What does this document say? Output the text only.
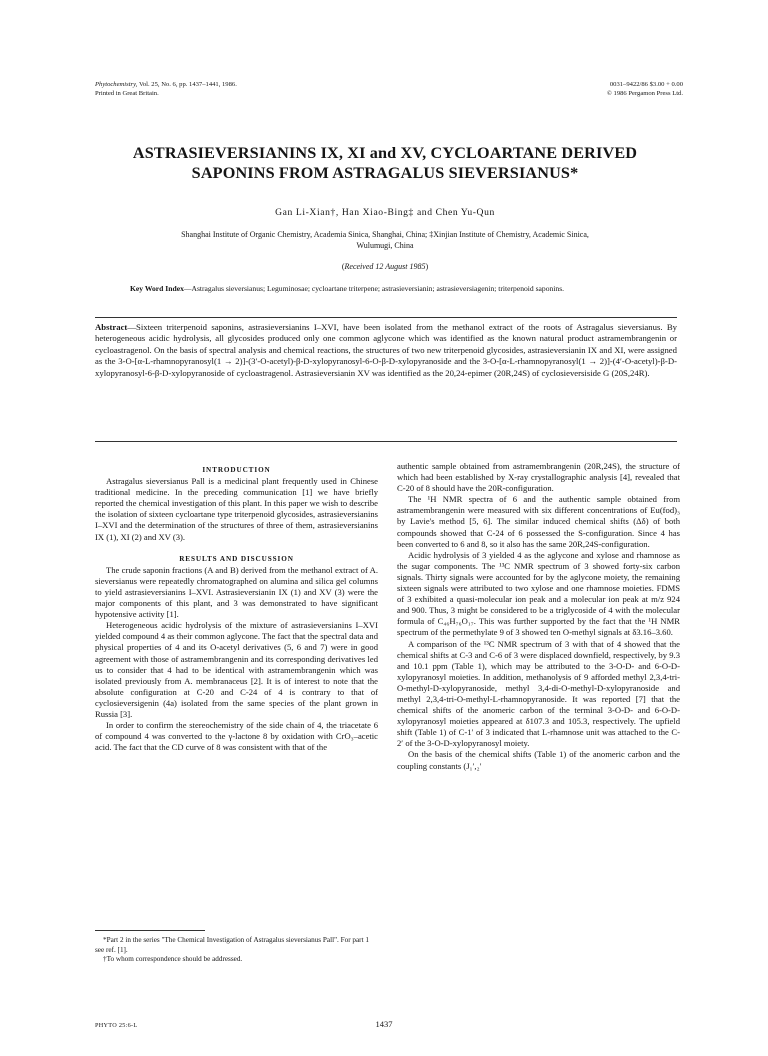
Phytochemistry, Vol. 25, No. 6, pp. 1437–1441, 1986.
Printed in Great Britain.
0031–9422/86 $3.00 + 0.00
© 1986 Pergamon Press Ltd.
ASTRASIEVERSIANINS IX, XI and XV, CYCLOARTANE DERIVED
SAPONINS FROM ASTRAGALUS SIEVERSIANUS*
Gan Li-Xian†, Han Xiao-Bing‡ and Chen Yu-Qun
Shanghai Institute of Organic Chemistry, Academia Sinica, Shanghai, China; ‡Xinjian Institute of Chemistry, Academic Sinica,
Wulumugi, China
(Received 12 August 1985)
Key Word Index—Astragalus sieversianus; Leguminosae; cycloartane triterpene; astrasieversianin; astrasieversiagenin; triterpenoid saponins.
Abstract—Sixteen triterpenoid saponins, astrasieversianins I–XVI, have been isolated from the methanol extract of the roots of Astragalus sieversianus. By heterogeneous acidic hydrolysis, all glycosides produced only one common aglycone which was identified as the known natural product astramembrangenin or cycloastragenol. On the basis of spectral analysis and chemical reactions, the structures of two new triterpenoid glycosides, astrasieversianin IX and XI, were assigned as the 3-O-[α-L-rhamnopyranosyl(1 → 2)]-(3′-O-acetyl)-β-D-xylopyranosyl-6-O-β-D-xylopyranoside and the 3-O-[α-L-rhamnopyranosyl(1 → 2)]-(4′-O-acetyl)-β-D-xylopyranosyl-6-β-D-xylopyranoside of cycloastragenol. Astrasieversianin XV was identified as the 20,24-epimer (20R,24S) of cyclosieversiside G (20S,24R).

INTRODUCTION

Astragalus sieversianus Pall is a medicinal plant frequently used in Chinese traditional medicine. In the preceding communication [1] we have briefly reported the chemical investigation of this plant. In this paper we wish to describe the isolation of sixteen cycloartane type triterpenoid glycosides, astrasieversianins I–XVI and the determination of the structures of three of them, astrasieversianins IX (1), XI (2) and XV (3).

RESULTS AND DISCUSSION

The crude saponin fractions (A and B) derived from the methanol extract of A. sieversianus were repeatedly chromatographed on alumina and silica gel columns to yield astrasieversianins I–XVI. Astrasieversianin IX (1) and XV (3) were the major components of this plant, and 3 was demonstrated to have significant hypotensive activity [1].

Heterogeneous acidic hydrolysis of the mixture of astrasieversianins I–XVI yielded compound 4 as their common aglycone. The fact that the spectral data and physical properties of 4 and its O-acetyl derivatives (5, 6 and 7) were in good agreement with those of astramembrangenin and its corresponding derivatives led us to consider that 4 had to be identical with astramembrangenin which was isolated previously from A. membranaceus [2]. It is of interest to note that the absolute configuration at C-20 and C-24 of 4 is contrary to that of cyclosieversigenin (4a) isolated from the same species of the plant grown in Russia [3].

In order to confirm the stereochemistry of the side chain of 4, the triacetate 6 of compound 4 was converted to the γ-lactone 8 by oxidation with CrO₃–acetic acid. The fact that the CD curve of 8 was consistent with that of the

*Part 2 in the series "The Chemical Investigation of Astragalus sieversianus Pall". For part 1 see ref. [1].

†To whom correspondence should be addressed.

authentic sample obtained from astramembrangenin (20R,24S), the structure of which had been established by X-ray crystallographic analysis [4], revealed that C-20 of 8 should have the 20R-configuration.

The ¹H NMR spectra of 6 and the authentic sample obtained from astramembrangenin were measured with six different concentrations of Eu(fod)₃ by Lavie's method [5, 6]. The similar induced chemical shifts (Δδ) of both compounds showed that C-24 of 6 possessed the S-configuration. Since 4 has been converted to 6 and 8, so it also has the same 20R,24S-configuration.

Acidic hydrolysis of 3 yielded 4 as the aglycone and xylose and rhamnose as the sugar components. The ¹³C NMR spectrum of 3 showed forty-six carbon signals. Thirty signals were accounted for by the aglycone moiety, the remaining sixteen signals were attributed to two xylose and one rhamnose moieties. FDMS of 3 exhibited a quasi-molecular ion peak and a molecular ion peak at m/z 924 and 900. Thus, 3 might be considered to be a triglycoside of 4 with the molecular formula of C₄₆H₇₆O₁₇. This was further supported by the fact that the ¹H NMR spectrum of the permethylate 9 of 3 showed ten O-methyl signals at δ3.16–3.60.

A comparison of the ¹³C NMR spectrum of 3 with that of 4 showed that the chemical shifts at C-3 and C-6 of 3 were displaced downfield, respectively, by 9.3 and 10.1 ppm (Table 1), which may be attributed to the 3-O-D- and 6-O-D-xylopyranosyl moieties. In addition, methanolysis of 9 afforded methyl 2,3,4-tri-O-methyl-D-xylopyranoside, methyl 3,4-di-O-methyl-D-xylopyranoside and methyl 2,3,4-tri-O-methyl-L-rhamnopyranoside. It was reported [7] that the chemical shifts of the anomeric carbon of the terminal 3-O-D- and 6-O-D-xylopyranosyl moieties appeared at δ107.3 and 105.3, respectively. The upfield shift (Table 1) of C-1′ of 3 indicated that L-rhamnose unit was attached to the C-2′ of the 3-O-D-xylopyranosyl moiety.

On the basis of the chemical shifts (Table 1) of the anomeric carbon and the coupling constants (J₁′,₂′

PHYTO 25:6-L	1437
